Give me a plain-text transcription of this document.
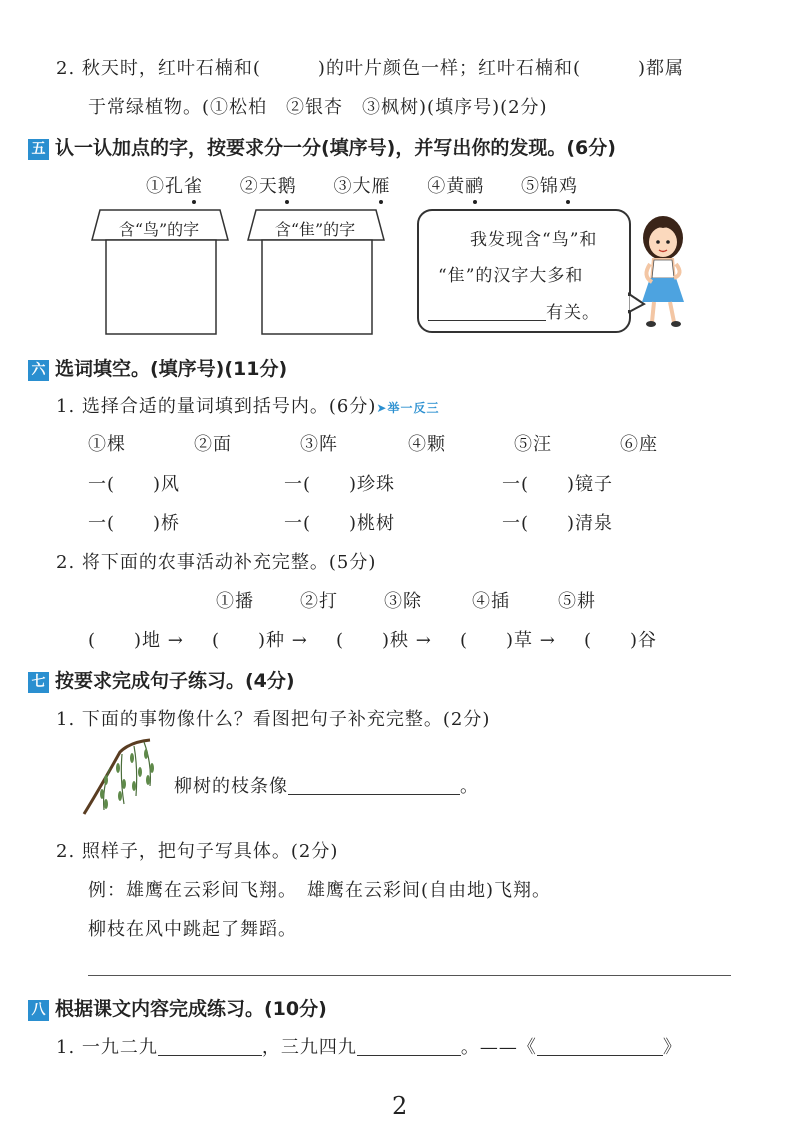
2. 秋天时，红叶石楠和(　　　)的叶片颜色一样；红叶石楠和(　　　)都属
于常绿植物。(①松柏　②银杏　③枫树)(填序号)(2分)
五 认一认加点的字，按要求分一分(填序号)，并写出你的发现。(6分)
①孔雀 ②天鹅 ③大雁 ④黄鹂 ⑤锦鸡
含“鸟”的字	含“隹”的字
我发现含“鸟”和
“隹”的汉字大多和
有关。
六 选词填空。(填序号)(11分)
1. 选择合适的量词填到括号内。(6分)➤举一反三
①棵	②面	③阵	④颗	⑤汪	⑥座
一(　　)风	一(　　)珍珠	一(　　)镜子
一(　　)桥	一(　　)桃树	一(　　)清泉
2. 将下面的农事活动补充完整。(5分)
①播	②打	③除	④插	⑤耕
(　　)地 → (　　)种 → (　　)秧 → (　　)草 → (　　)谷
七 按要求完成句子练习。(4分)
1. 下面的事物像什么？看图把句子补充完整。(2分)
柳树的枝条像	。
2. 照样子，把句子写具体。(2分)
例：雄鹰在云彩间飞翔。　雄鹰在云彩间(自由地)飞翔。
柳枝在风中跳起了舞蹈。
八 根据课文内容完成练习。(10分)
1. 一九二九	，三九四九	。——《	》
2
